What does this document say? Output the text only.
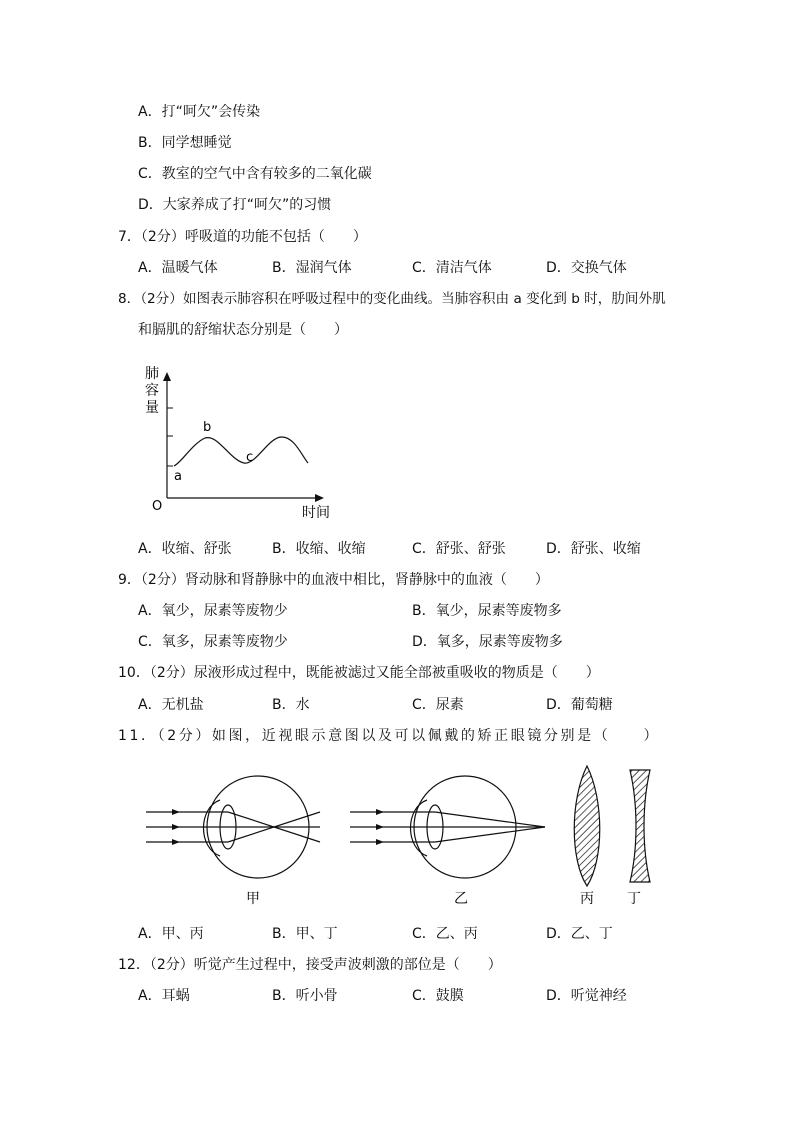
A．打“呵欠”会传染
B．同学想睡觉
C．教室的空气中含有较多的二氧化碳
D．大家养成了打“呵欠”的习惯
7．（2分）呼吸道的功能不包括（　　）
A．温暖气体	B．湿润气体	C．清洁气体	D．交换气体
8．（2分）如图表示肺容积在呼吸过程中的变化曲线。当肺容积由 a 变化到 b 时，肋间外肌
和膈肌的舒缩状态分别是（　　）
肺
容
量
a
b
c
O	时间
A．收缩、舒张	B．收缩、收缩	C．舒张、舒张	D．舒张、收缩
9．（2分）肾动脉和肾静脉中的血液中相比，肾静脉中的血液（　　）
A．氧少，尿素等废物少	B．氧少，尿素等废物多
C．氧多，尿素等废物少	D．氧多，尿素等废物多
10．（2分）尿液形成过程中，既能被滤过又能全部被重吸收的物质是（　　）
A．无机盐	B．水	C．尿素	D．葡萄糖
11．（2分）如图，近视眼示意图以及可以佩戴的矫正眼镜分别是（　　）
甲	乙	丙 丁
A．甲、丙	B．甲、丁	C．乙、丙	D．乙、丁
12．（2分）听觉产生过程中，接受声波刺激的部位是（　　）
A．耳蜗	B．听小骨	C．鼓膜	D．听觉神经
